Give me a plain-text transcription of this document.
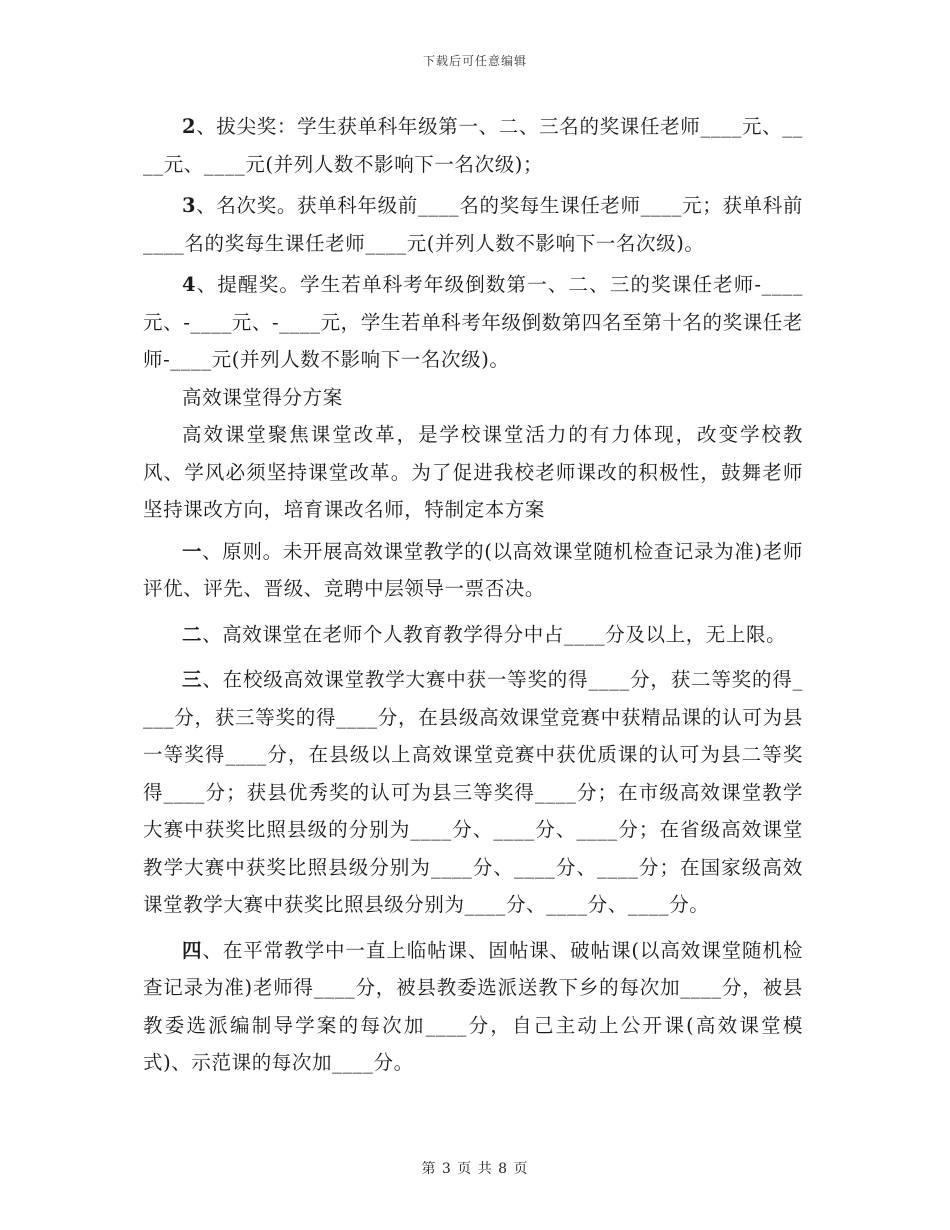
下载后可任意编辑

2、拔尖奖：学生获单科年级第一、二、三名的奖课任老师____元、____元、____元(并列人数不影响下一名次级)；

3、名次奖。获单科年级前____名的奖每生课任老师____元；获单科前____名的奖每生课任老师____元(并列人数不影响下一名次级)。

4、提醒奖。学生若单科考年级倒数第一、二、三的奖课任老师-____元、-____元、-____元，学生若单科考年级倒数第四名至第十名的奖课任老师-____元(并列人数不影响下一名次级)。

高效课堂得分方案

高效课堂聚焦课堂改革，是学校课堂活力的有力体现，改变学校教风、学风必须坚持课堂改革。为了促进我校老师课改的积极性，鼓舞老师坚持课改方向，培育课改名师，特制定本方案

一、原则。未开展高效课堂教学的(以高效课堂随机检查记录为准)老师评优、评先、晋级、竞聘中层领导一票否决。

二、高效课堂在老师个人教育教学得分中占____分及以上，无上限。

三、在校级高效课堂教学大赛中获一等奖的得____分，获二等奖的得____分，获三等奖的得____分，在县级高效课堂竞赛中获精品课的认可为县一等奖得____分，在县级以上高效课堂竞赛中获优质课的认可为县二等奖得____分；获县优秀奖的认可为县三等奖得____分；在市级高效课堂教学大赛中获奖比照县级的分别为____分、____分、____分；在省级高效课堂教学大赛中获奖比照县级分别为____分、____分、____分；在国家级高效课堂教学大赛中获奖比照县级分别为____分、____分、____分。

四、在平常教学中一直上临帖课、固帖课、破帖课(以高效课堂随机检查记录为准)老师得____分，被县教委选派送教下乡的每次加____分，被县教委选派编制导学案的每次加____分，自己主动上公开课(高效课堂模式)、示范课的每次加____分。

第 3 页 共 8 页
